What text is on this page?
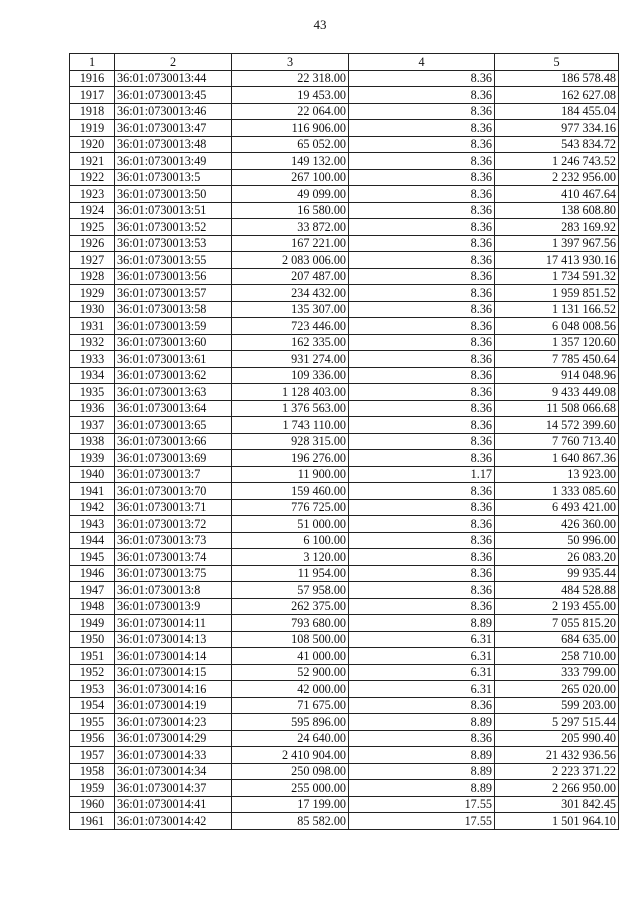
43
1	2	3	4	5
1916	36:01:0730013:44	22 318.00	8.36	186 578.48
1917	36:01:0730013:45	19 453.00	8.36	162 627.08
1918	36:01:0730013:46	22 064.00	8.36	184 455.04
1919	36:01:0730013:47	116 906.00	8.36	977 334.16
1920	36:01:0730013:48	65 052.00	8.36	543 834.72
1921	36:01:0730013:49	149 132.00	8.36	1 246 743.52
1922	36:01:0730013:5	267 100.00	8.36	2 232 956.00
1923	36:01:0730013:50	49 099.00	8.36	410 467.64
1924	36:01:0730013:51	16 580.00	8.36	138 608.80
1925	36:01:0730013:52	33 872.00	8.36	283 169.92
1926	36:01:0730013:53	167 221.00	8.36	1 397 967.56
1927	36:01:0730013:55	2 083 006.00	8.36	17 413 930.16
1928	36:01:0730013:56	207 487.00	8.36	1 734 591.32
1929	36:01:0730013:57	234 432.00	8.36	1 959 851.52
1930	36:01:0730013:58	135 307.00	8.36	1 131 166.52
1931	36:01:0730013:59	723 446.00	8.36	6 048 008.56
1932	36:01:0730013:60	162 335.00	8.36	1 357 120.60
1933	36:01:0730013:61	931 274.00	8.36	7 785 450.64
1934	36:01:0730013:62	109 336.00	8.36	914 048.96
1935	36:01:0730013:63	1 128 403.00	8.36	9 433 449.08
1936	36:01:0730013:64	1 376 563.00	8.36	11 508 066.68
1937	36:01:0730013:65	1 743 110.00	8.36	14 572 399.60
1938	36:01:0730013:66	928 315.00	8.36	7 760 713.40
1939	36:01:0730013:69	196 276.00	8.36	1 640 867.36
1940	36:01:0730013:7	11 900.00	1.17	13 923.00
1941	36:01:0730013:70	159 460.00	8.36	1 333 085.60
1942	36:01:0730013:71	776 725.00	8.36	6 493 421.00
1943	36:01:0730013:72	51 000.00	8.36	426 360.00
1944	36:01:0730013:73	6 100.00	8.36	50 996.00
1945	36:01:0730013:74	3 120.00	8.36	26 083.20
1946	36:01:0730013:75	11 954.00	8.36	99 935.44
1947	36:01:0730013:8	57 958.00	8.36	484 528.88
1948	36:01:0730013:9	262 375.00	8.36	2 193 455.00
1949	36:01:0730014:11	793 680.00	8.89	7 055 815.20
1950	36:01:0730014:13	108 500.00	6.31	684 635.00
1951	36:01:0730014:14	41 000.00	6.31	258 710.00
1952	36:01:0730014:15	52 900.00	6.31	333 799.00
1953	36:01:0730014:16	42 000.00	6.31	265 020.00
1954	36:01:0730014:19	71 675.00	8.36	599 203.00
1955	36:01:0730014:23	595 896.00	8.89	5 297 515.44
1956	36:01:0730014:29	24 640.00	8.36	205 990.40
1957	36:01:0730014:33	2 410 904.00	8.89	21 432 936.56
1958	36:01:0730014:34	250 098.00	8.89	2 223 371.22
1959	36:01:0730014:37	255 000.00	8.89	2 266 950.00
1960	36:01:0730014:41	17 199.00	17.55	301 842.45
1961	36:01:0730014:42	85 582.00	17.55	1 501 964.10
